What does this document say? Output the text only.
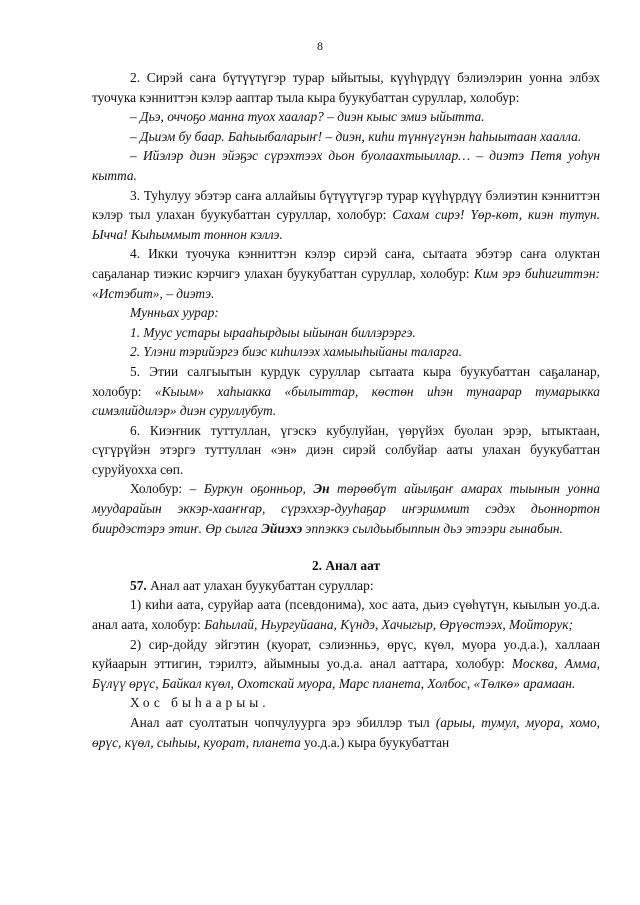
8

2. Сирэй саҥа бүтүүтүгэр турар ыйытыы, күүһүрдүү бэлиэлэрин уонна элбэх туочука кэнниттэн кэлэр ааптар тыла кыра буукубаттан суруллар, холобур:

– Дьэ, оччоҕо манна туох хаалар? – диэн кыыс эмиэ ыйытта.

– Дьиэм бу баар. Баһыыбаларыҥ! – диэн, киһи түннүгүнэн һаһыытаан хаалла.

– Ийэлэр диэн эйэҕэс сүрэхтээх дьон буолаахтыыллар… – диэтэ Петя уоһун кытта.

3. Туһулуу эбэтэр саҥа аллайыы бүтүүтүгэр турар күүһүрдүү бэлиэтин кэнниттэн кэлэр тыл улахан буукубаттан суруллар, холобур: Сахам сирэ! Үөр-көт, киэн тутун. Ычча! Кыһыммыт тоннон кэллэ.

4. Икки туочука кэнниттэн кэлэр сирэй саҥа, сытаата эбэтэр саҥа олуктан саҕаланар тиэкис кэрчигэ улахан буукубаттан суруллар, холобур: Ким эрэ биһигиттэн: «Истэбит», – диэтэ.

Мунньах уурар:

1. Муус устары ырааһырдыы ыйынан биллэрэргэ.

2. Үлэни тэрийэргэ биэс киһилээх хамыыһыйаны таларга.

5. Этии салгыытын курдук суруллар сытаата кыра буукубаттан саҕаланар, холобур: «Кыым» хаһыакка «былыттар, көстөн иһэн тунаарар тумарыкка симэлийдилэр» диэн суруллубут.

6. Киэҥник туттуллан, үгэскэ кубулуйан, үөрүйэх буолан эрэр, ытыктаан, сүгүрүйэн этэргэ туттуллан «эн» диэн сирэй солбуйар ааты улахан буукубаттан суруйуохха сөп.

Холобур: – Буркун оҕонньор, Эн төрөөбүт айылҕаҥ амарах тыынын уонна муударайын эккэр-хааҥҥар, сүрэххэр-дууһаҕар иҥэриммит сэдэх дьоннортон биирдэстэрэ этиҥ. Өр сылга Эйиэхэ эппэккэ сылдьыбыппын дьэ этээри гынабын.

2. Анал аат

57. Анал аат улахан буукубаттан суруллар:

1) киһи аата, суруйар аата (псевдонима), хос аата, дьиэ сүөһүтүн, кыылын уо.д.а. анал аата, холобур: Баһылай, Ньургуйаана, Күндэ, Хачыгыр, Өрүөстээх, Мойторук;

2) сир-дойду эйгэтин (куорат, сэлиэнньэ, өрүс, күөл, муора уо.д.а.), халлаан куйаарын эттигин, тэрилтэ, айымныы уо.д.а. анал ааттара, холобур: Москва, Амма, Бүлүү өрүс, Байкал күөл, Охотскай муора, Марс планета, Холбос, «Төлкө» арамаан.

Хос быһаарыы.

Анал аат суолтатын чопчулуурга эрэ эбиллэр тыл (арыы, тумул, муора, хомо, өрүс, күөл, сыһыы, куорат, планета уо.д.а.) кыра буукубаттан
